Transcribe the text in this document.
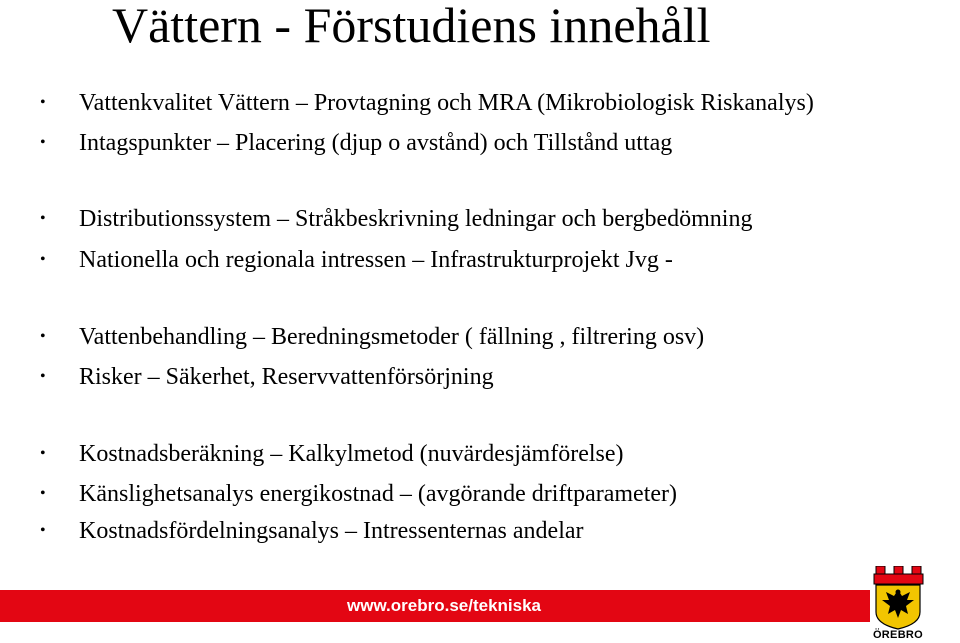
Vättern - Förstudiens innehåll
• Vattenkvalitet Vättern – Provtagning och MRA (Mikrobiologisk Riskanalys)
• Intagspunkter – Placering (djup o avstånd) och Tillstånd uttag
• Distributionssystem – Stråkbeskrivning ledningar och bergbedömning
• Nationella och regionala intressen – Infrastrukturprojekt Jvg -
• Vattenbehandling – Beredningsmetoder ( fällning , filtrering osv)
• Risker – Säkerhet, Reservvattenförsörjning
• Kostnadsberäkning – Kalkylmetod (nuvärdesjämförelse)
• Känslighetsanalys energikostnad – (avgörande driftparameter)
• Kostnadsfördelningsanalys – Intressenternas andelar
www.orebro.se/tekniska
ÖREBRO
